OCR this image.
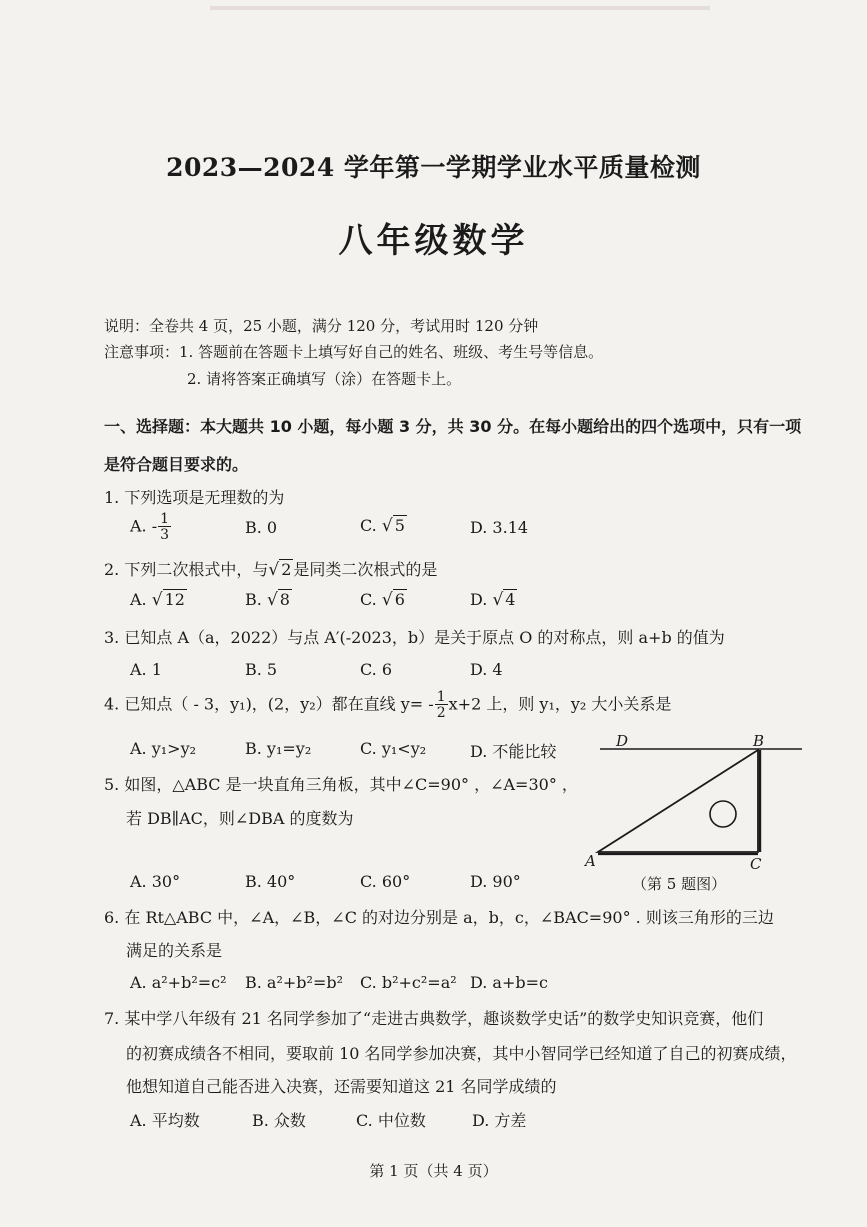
2023—2024 学年第一学期学业水平质量检测
八年级数学
说明：全卷共 4 页，25 小题，满分 120 分，考试用时 120 分钟
注意事项：1. 答题前在答题卡上填写好自己的姓名、班级、考生号等信息。
2. 请将答案正确填写（涂）在答题卡上。
一、选择题：本大题共 10 小题，每小题 3 分，共 30 分。在每小题给出的四个选项中，只有一项
是符合题目要求的。
1. 下列选项是无理数的为
A. - $\frac{1}{3}$	B. 0	C. √ 5	D. 3.14
2. 下列二次根式中，与√ 2 是同类二次根式的是
A. √ 12	B. √ 8	C. √ 6	D. √ 4
3. 已知点 A（a，2022）与点 A′(-2023，b）是关于原点 O 的对称点，则 a+b 的值为
A. 1	B. 5	C. 6	D. 4
4. 已知点（ - 3，y₁)，(2，y₂）都在直线 $y= - \frac{1}{2} x+2$ 上，则 y₁，y₂ 大小关系是
A. y₁>y₂	B. y₁=y₂	C. y₁<y₂	D. 不能比较
5. 如图，△ABC 是一块直角三角板，其中∠C=90° ，∠A=30° ，
若 DB∥AC，则∠DBA 的度数为
A. 30°	B. 40°	C. 60°	D. 90°
D	B
A	C
（第 5 题图）
6. 在 Rt△ABC 中，∠A，∠B，∠C 的对边分别是 a，b，c，∠BAC=90° . 则该三角形的三边
满足的关系是
A. a²+b²=c² B. a²+b²=b² C. b²+c²=a² D. a+b=c
7. 某中学八年级有 21 名同学参加了“走进古典数学，趣谈数学史话”的数学史知识竞赛，他们
的初赛成绩各不相同，要取前 10 名同学参加决赛，其中小智同学已经知道了自己的初赛成绩，
他想知道自己能否进入决赛，还需要知道这 21 名同学成绩的
A. 平均数	B. 众数	C. 中位数	D. 方差
第 1 页（共 4 页）
